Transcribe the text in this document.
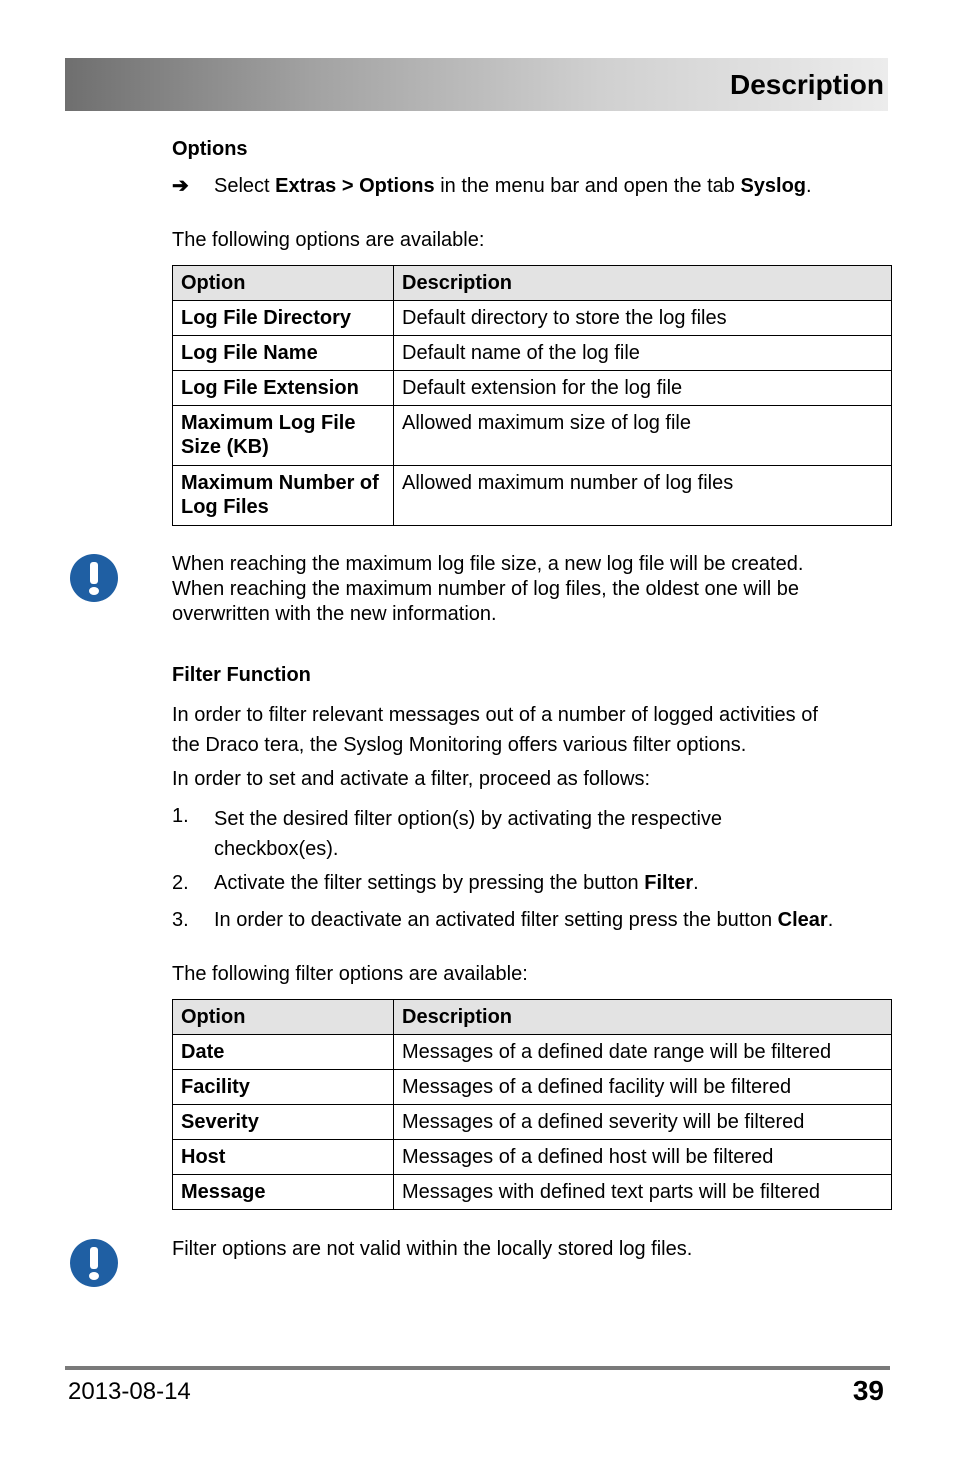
Description
Options
➔ Select Extras > Options in the menu bar and open the tab Syslog.
The following options are available:
Option	Description
Log File Directory	Default directory to store the log files
Log File Name	Default name of the log file
Log File Extension	Default extension for the log file
Maximum Log File Size (KB)	Allowed maximum size of log file
Maximum Number of Log Files	Allowed maximum number of log files
When reaching the maximum log file size, a new log file will be created.
When reaching the maximum number of log files, the oldest one will be
overwritten with the new information.
Filter Function
In order to filter relevant messages out of a number of logged activities of
the Draco tera, the Syslog Monitoring offers various filter options.
In order to set and activate a filter, proceed as follows:
1. Set the desired filter option(s) by activating the respective
checkbox(es).
2. Activate the filter settings by pressing the button Filter.
3. In order to deactivate an activated filter setting press the button Clear.
The following filter options are available:
Option	Description
Date	Messages of a defined date range will be filtered
Facility	Messages of a defined facility will be filtered
Severity	Messages of a defined severity will be filtered
Host	Messages of a defined host will be filtered
Message	Messages with defined text parts will be filtered
Filter options are not valid within the locally stored log files.
2013-08-14	39
